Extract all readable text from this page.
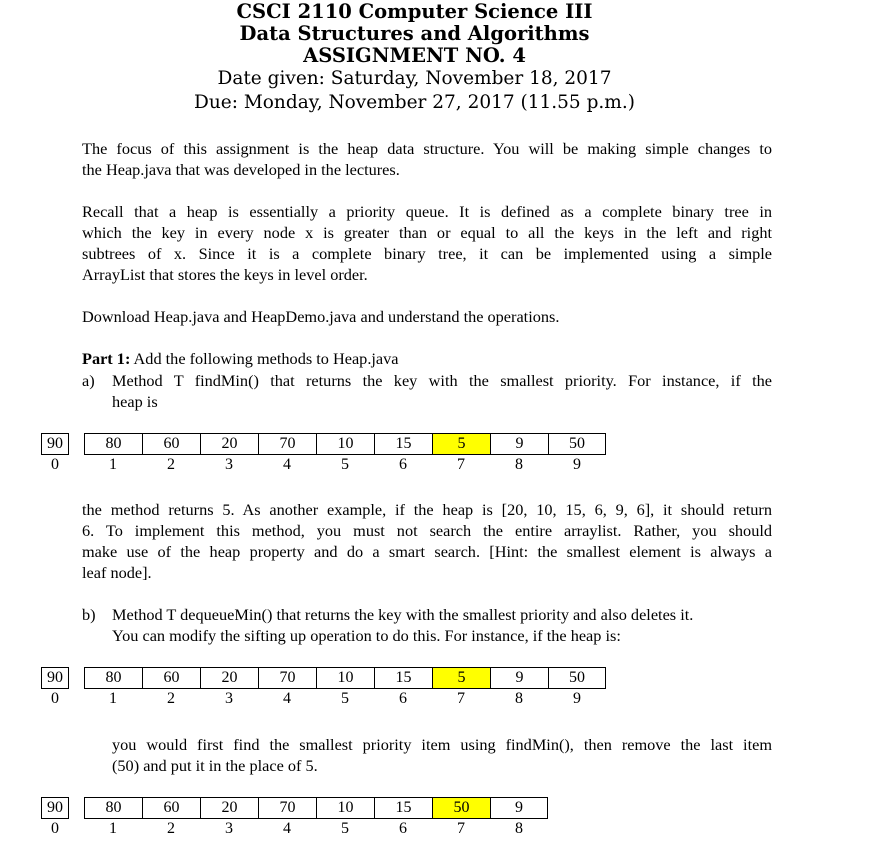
CSCI 2110 Computer Science III
Data Structures and Algorithms
ASSIGNMENT NO. 4
Date given: Saturday, November 18, 2017
Due: Monday, November 27, 2017 (11.55 p.m.)
The focus of this assignment is the heap data structure. You will be making simple changes to
the Heap.java that was developed in the lectures.
Recall that a heap is essentially a priority queue. It is defined as a complete binary tree in
which the key in every node x is greater than or equal to all the keys in the left and right
subtrees of x. Since it is a complete binary tree, it can be implemented using a simple
ArrayList that stores the keys in level order.
Download Heap.java and HeapDemo.java and understand the operations.
Part 1: Add the following methods to Heap.java
a) Method T findMin() that returns the key with the smallest priority. For instance, if the
heap is
90
0
80
1
60
2
20
3
70
4
10
5
15
6
5
7
9
8
50
9
the method returns 5. As another example, if the heap is [20, 10, 15, 6, 9, 6], it should return
6. To implement this method, you must not search the entire arraylist. Rather, you should
make use of the heap property and do a smart search. [Hint: the smallest element is always a
leaf node].
b) Method T dequeueMin() that returns the key with the smallest priority and also deletes it.
You can modify the sifting up operation to do this. For instance, if the heap is:
90
0
80
1
60
2
20
3
70
4
10
5
15
6
5
7
9
8
50
9
you would first find the smallest priority item using findMin(), then remove the last item
(50) and put it in the place of 5.
90
0
80
1
60
2
20
3
70
4
10
5
15
6
50
7
9
8
